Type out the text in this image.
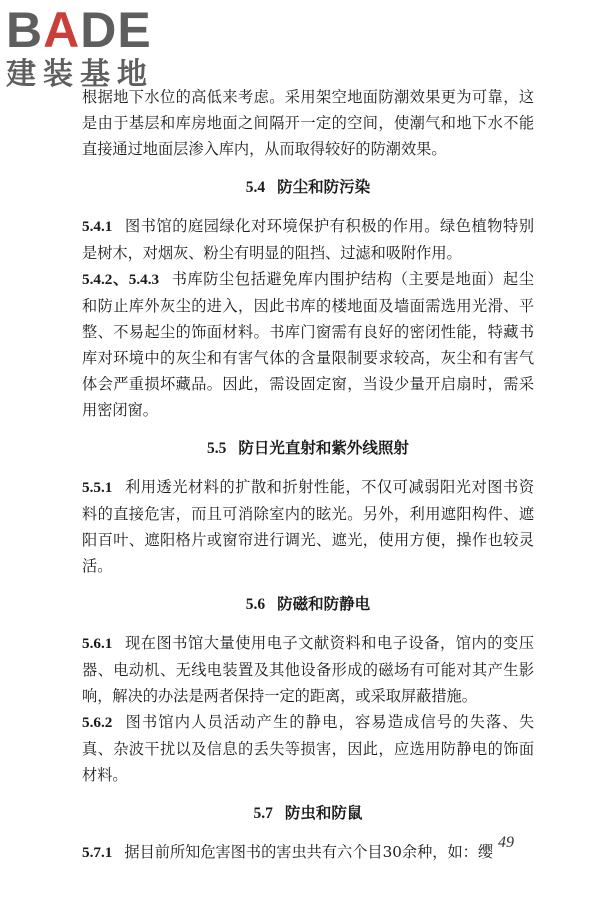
BADE
建装基地

根据地下水位的高低来考虑。采用架空地面防潮效果更为可靠，这是由于基层和库房地面之间隔开一定的空间，使潮气和地下水不能直接通过地面层渗入库内，从而取得较好的防潮效果。

5.4 防尘和防污染

5.4.1 图书馆的庭园绿化对环境保护有积极的作用。绿色植物特别是树木，对烟灰、粉尘有明显的阻挡、过滤和吸附作用。

5.4.2、5.4.3 书库防尘包括避免库内围护结构（主要是地面）起尘和防止库外灰尘的进入，因此书库的楼地面及墙面需选用光滑、平整、不易起尘的饰面材料。书库门窗需有良好的密闭性能，特藏书库对环境中的灰尘和有害气体的含量限制要求较高，灰尘和有害气体会严重损坏藏品。因此，需设固定窗，当设少量开启扇时，需采用密闭窗。

5.5 防日光直射和紫外线照射

5.5.1 利用透光材料的扩散和折射性能，不仅可减弱阳光对图书资料的直接危害，而且可消除室内的眩光。另外，利用遮阳构件、遮阳百叶、遮阳格片或窗帘进行调光、遮光，使用方便，操作也较灵活。

5.6 防磁和防静电

5.6.1 现在图书馆大量使用电子文献资料和电子设备，馆内的变压器、电动机、无线电装置及其他设备形成的磁场有可能对其产生影响，解决的办法是两者保持一定的距离，或采取屏蔽措施。

5.6.2 图书馆内人员活动产生的静电，容易造成信号的失落、失真、杂波干扰以及信息的丢失等损害，因此，应选用防静电的饰面材料。

5.7 防虫和防鼠

5.7.1 据目前所知危害图书的害虫共有六个目30余种，如：缨

49
